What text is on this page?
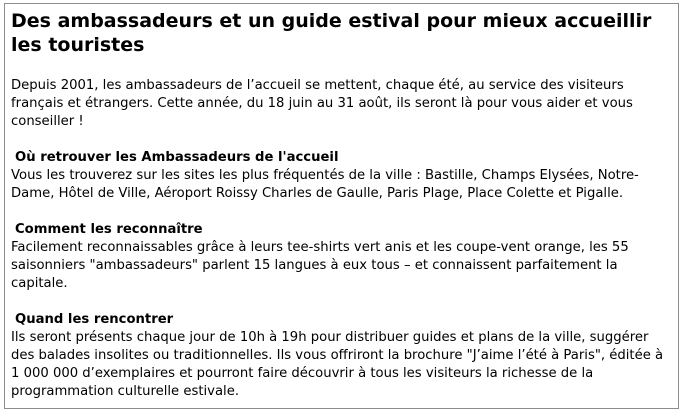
Des ambassadeurs et un guide estival pour mieux accueillir les touristes

Depuis 2001, les ambassadeurs de l’accueil se mettent, chaque été, au service des visiteurs français et étrangers. Cette année, du 18 juin au 31 août, ils seront là pour vous aider et vous conseiller !

Où retrouver les Ambassadeurs de l'accueil

Vous les trouverez sur les sites les plus fréquentés de la ville : Bastille, Champs Elysées, Notre-Dame, Hôtel de Ville, Aéroport Roissy Charles de Gaulle, Paris Plage, Place Colette et Pigalle.

Comment les reconnaître

Facilement reconnaissables grâce à leurs tee-shirts vert anis et les coupe-vent orange, les 55 saisonniers "ambassadeurs" parlent 15 langues à eux tous – et connaissent parfaitement la capitale.

Quand les rencontrer

Ils seront présents chaque jour de 10h à 19h pour distribuer guides et plans de la ville, suggérer des balades insolites ou traditionnelles. Ils vous offriront la brochure "J’aime l’été à Paris", éditée à 1 000 000 d’exemplaires et pourront faire découvrir à tous les visiteurs la richesse de la programmation culturelle estivale.
